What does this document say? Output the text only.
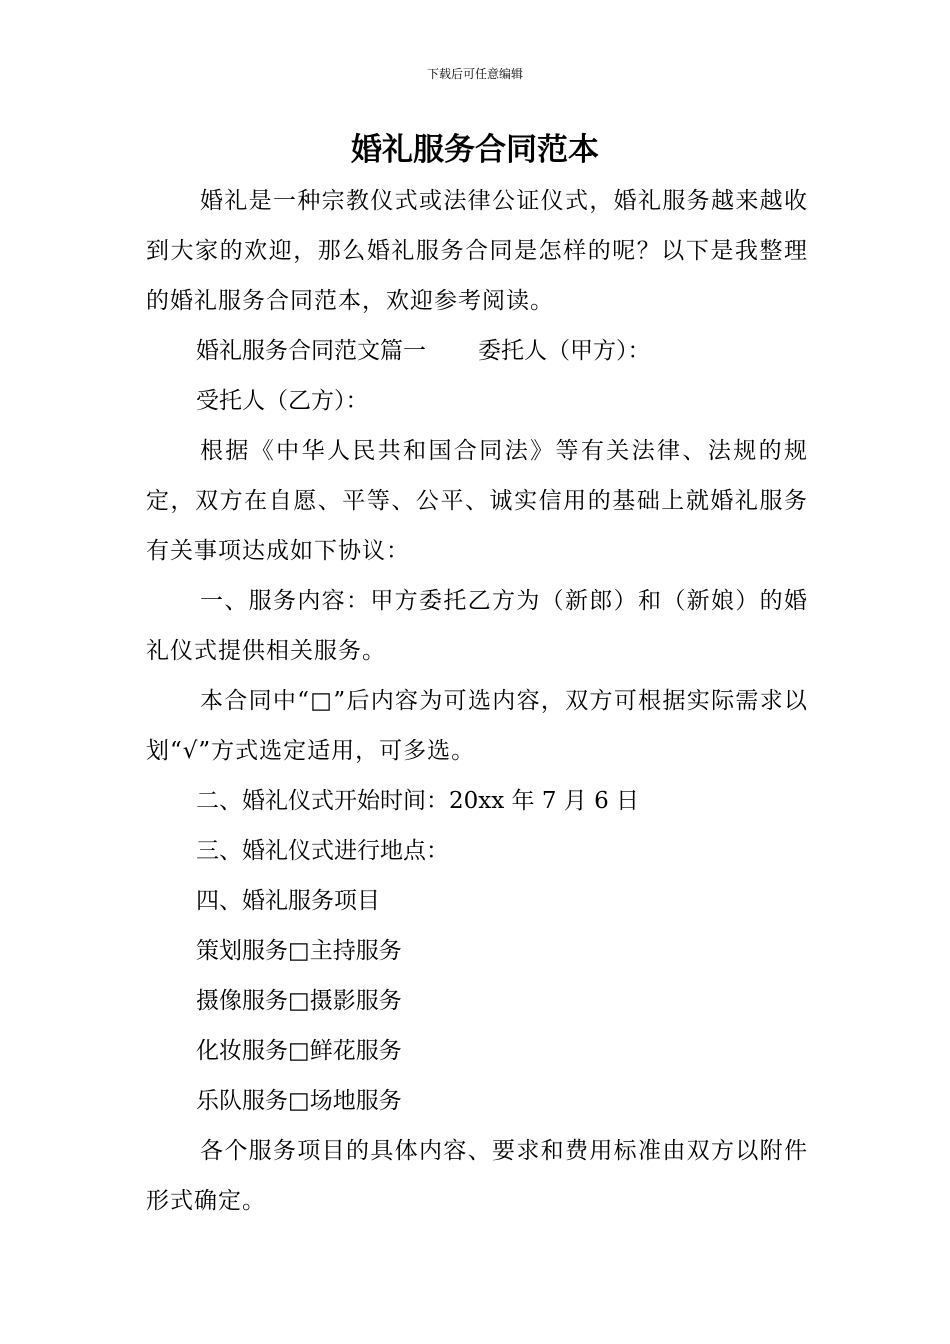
下载后可任意编辑
婚礼服务合同范本

婚礼是一种宗教仪式或法律公证仪式，婚礼服务越来越收到大家的欢迎，那么婚礼服务合同是怎样的呢？以下是我整理的婚礼服务合同范本，欢迎参考阅读。

婚礼服务合同范文篇一 委托人（甲方）：

受托人（乙方）：

根据《中华人民共和国合同法》等有关法律、法规的规定，双方在自愿、平等、公平、诚实信用的基础上就婚礼服务有关事项达成如下协议：

一、服务内容：甲方委托乙方为（新郎）和（新娘）的婚礼仪式提供相关服务。

本合同中“□”后内容为可选内容，双方可根据实际需求以划“√”方式选定适用，可多选。

二、婚礼仪式开始时间：20xx 年 7 月 6 日

三、婚礼仪式进行地点：

四、婚礼服务项目

策划服务□主持服务

摄像服务□摄影服务

化妆服务□鲜花服务

乐队服务□场地服务

各个服务项目的具体内容、要求和费用标准由双方以附件形式确定。
